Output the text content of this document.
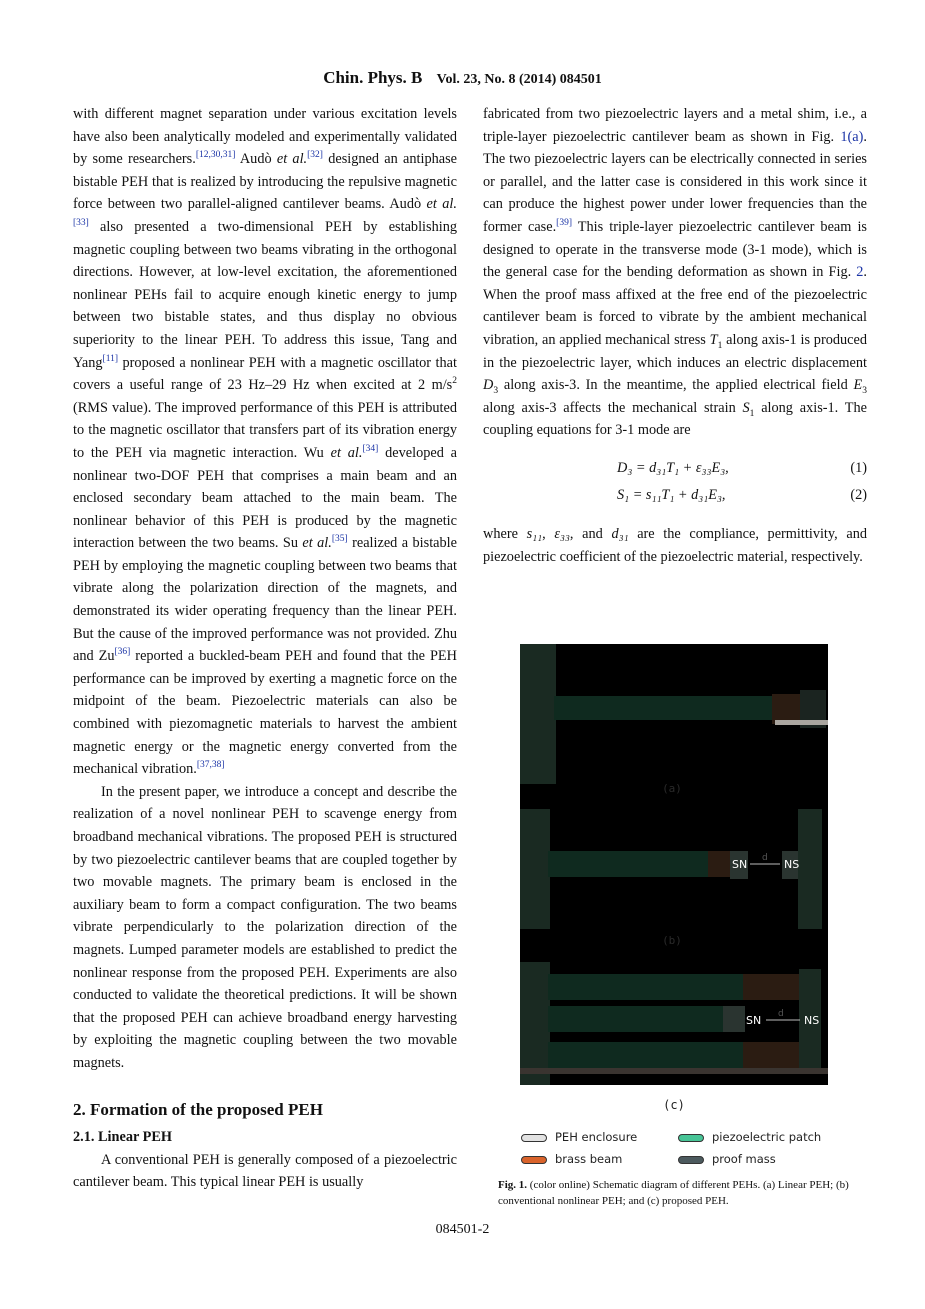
Chin. Phys. B Vol. 23, No. 8 (2014) 084501

with different magnet separation under various excitation levels have also been analytically modeled and experimentally validated by some researchers.[12,30,31] Audò et al.[32] designed an antiphase bistable PEH that is realized by introducing the repulsive magnetic force between two parallel-aligned cantilever beams. Audò et al.[33] also presented a two-dimensional PEH by establishing magnetic coupling between two beams vibrating in the orthogonal directions. However, at low-level excitation, the aforementioned nonlinear PEHs fail to acquire enough kinetic energy to jump between two bistable states, and thus display no obvious superiority to the linear PEH. To address this issue, Tang and Yang[11] proposed a nonlinear PEH with a magnetic oscillator that covers a useful range of 23 Hz–29 Hz when excited at 2 $m/s^2$ (RMS value). The improved performance of this PEH is attributed to the magnetic oscillator that transfers part of its vibration energy to the PEH via magnetic interaction. Wu et al.[34] developed a nonlinear two-DOF PEH that comprises a main beam and an enclosed secondary beam attached to the main beam. The nonlinear behavior of this PEH is produced by the magnetic interaction between the two beams. Su et al.[35] realized a bistable PEH by employing the magnetic coupling between two beams that vibrate along the polarization direction of the magnets, and demonstrated its wider operating frequency than the linear PEH. But the cause of the improved performance was not provided. Zhu and Zu[36] reported a buckled-beam PEH and found that the PEH performance can be improved by exerting a magnetic force on the midpoint of the beam. Piezoelectric materials can also be combined with piezomagnetic materials to harvest the ambient magnetic energy or the magnetic energy converted from the mechanical vibration.[37,38]

In the present paper, we introduce a concept and describe the realization of a novel nonlinear PEH to scavenge energy from broadband mechanical vibrations. The proposed PEH is structured by two piezoelectric cantilever beams that are coupled together by two movable magnets. The primary beam is enclosed in the auxiliary beam to form a compact configuration. The two beams vibrate perpendicularly to the polarization direction of the magnets. Lumped parameter models are established to predict the nonlinear response from the proposed PEH. Experiments are also conducted to validate the theoretical predictions. It will be shown that the proposed PEH can achieve broadband energy harvesting by exploiting the magnetic coupling between the two movable magnets.

2. Formation of the proposed PEH
2.1. Linear PEH

A conventional PEH is generally composed of a piezoelectric cantilever beam. This typical linear PEH is usually

fabricated from two piezoelectric layers and a metal shim, i.e., a triple-layer piezoelectric cantilever beam as shown in Fig. 1(a). The two piezoelectric layers can be electrically connected in series or parallel, and the latter case is considered in this work since it can produce the highest power under lower frequencies than the former case.[39] This triple-layer piezoelectric cantilever beam is designed to operate in the transverse mode (3-1 mode), which is the general case for the bending deformation as shown in Fig. 2. When the proof mass affixed at the free end of the piezoelectric cantilever beam is forced to vibrate by the ambient mechanical vibration, an applied mechanical stress $T_1$ along axis-1 is produced in the piezoelectric layer, which induces an electric displacement $D_3$ along axis-3. In the meantime, the applied electrical field $E_3$ along axis-3 affects the mechanical strain $S_1$ along axis-1. The coupling equations for 3-1 mode are

D₃ = d₃₁T₁ + ε₃₃E₃,	(1)
S₁ = s₁₁T₁ + d₃₁E₃,	(2)

where s₁₁, ε₃₃, and d₃₁ are the compliance, permittivity, and piezoelectric coefficient of the piezoelectric material, respectively.

(a)
SN	NS
d
(b)
SN	NS
d
(c)
PEH enclosure	piezoelectric patch
brass beam	proof mass
Fig. 1. (color online) Schematic diagram of different PEHs. (a) Linear PEH; (b) conventional nonlinear PEH; and (c) proposed PEH.
084501-2
